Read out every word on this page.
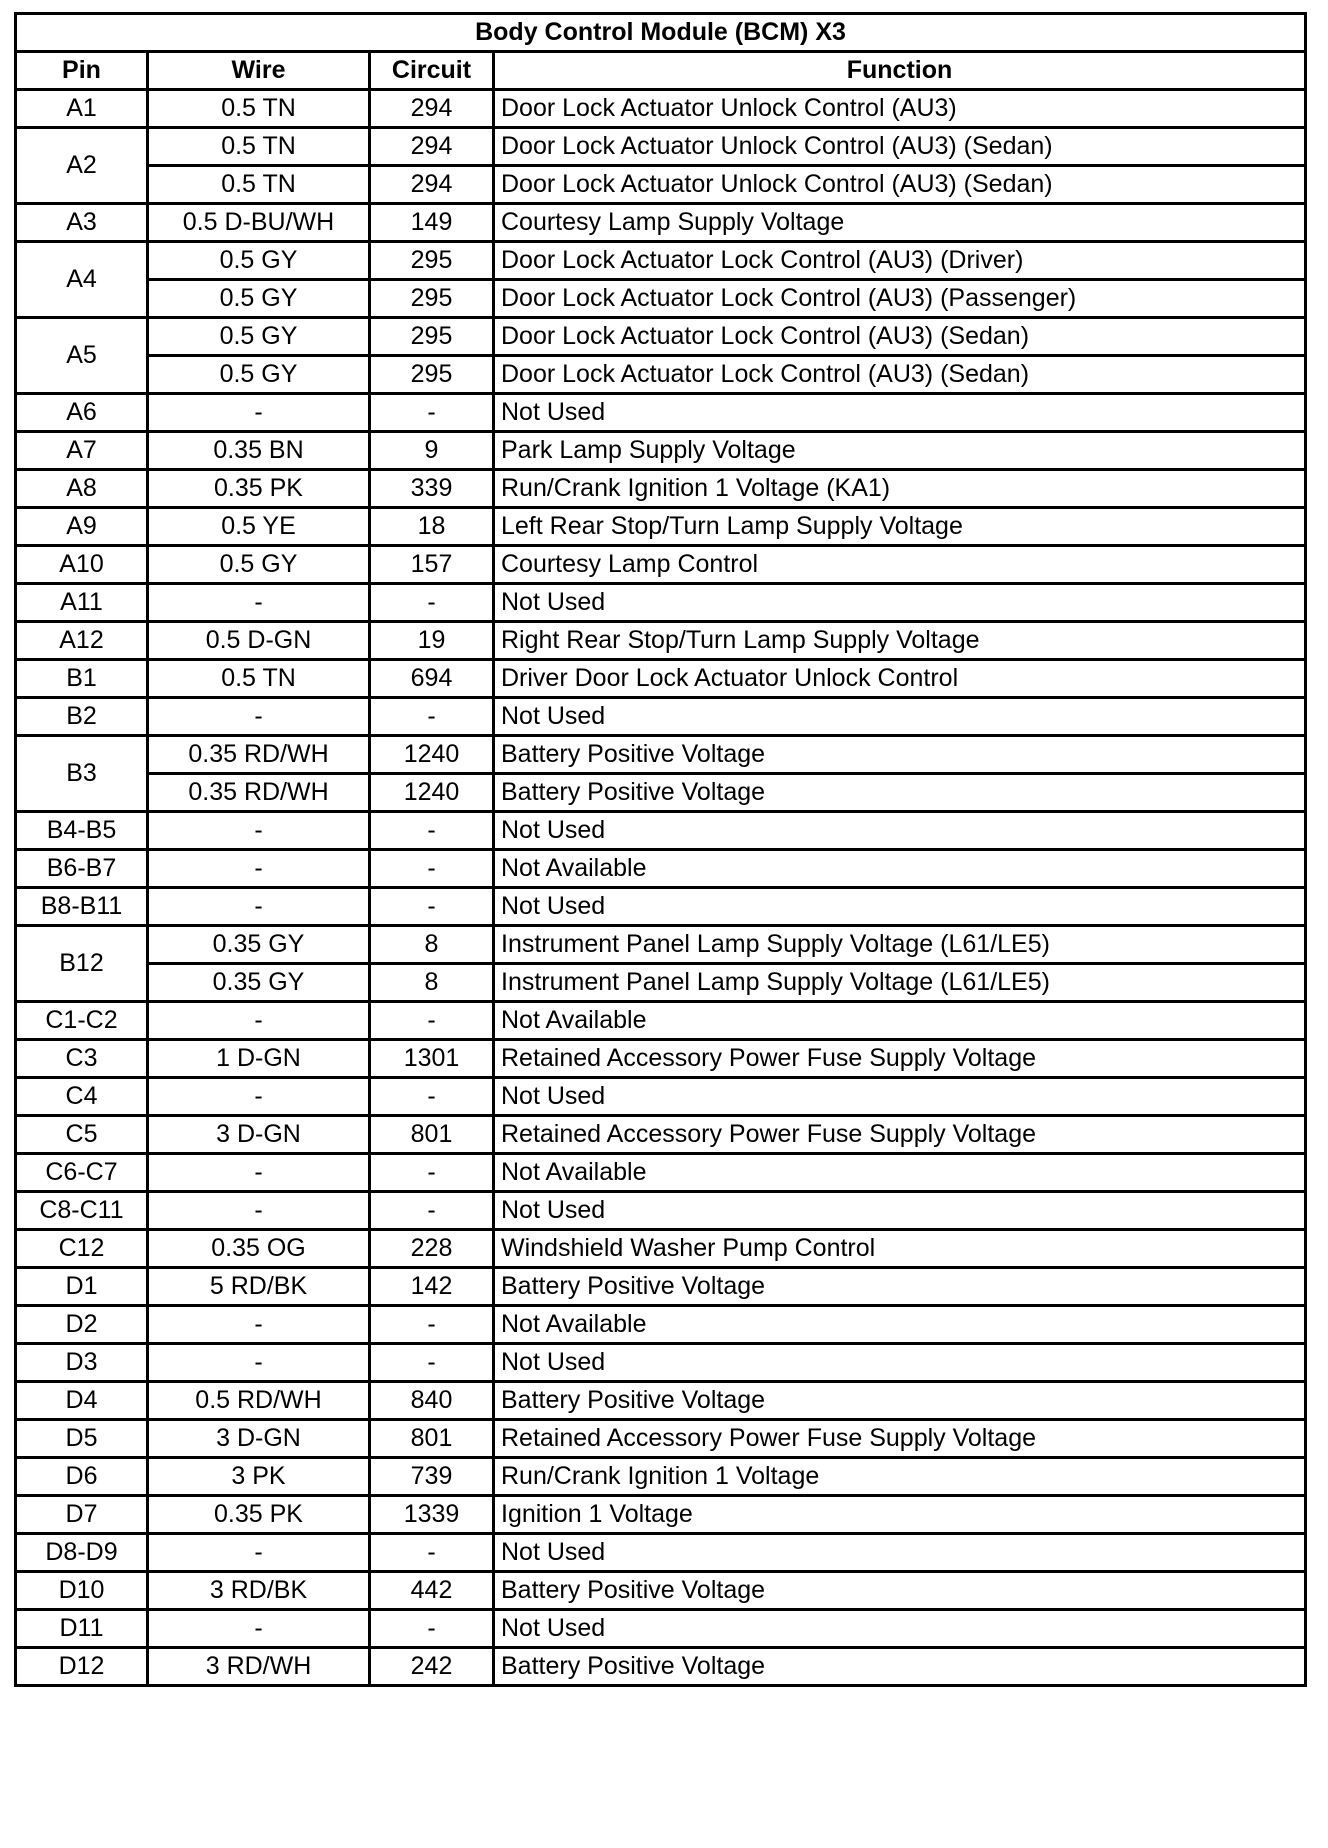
Body Control Module (BCM) X3			
Pin	Wire	Circuit	Function
A1	0.5 TN	294	Door Lock Actuator Unlock Control (AU3)
A2	0.5 TN	294	Door Lock Actuator Unlock Control (AU3) (Sedan)
	0.5 TN	294	Door Lock Actuator Unlock Control (AU3) (Sedan)
A3	0.5 D-BU/WH	149	Courtesy Lamp Supply Voltage
A4	0.5 GY	295	Door Lock Actuator Lock Control (AU3) (Driver)
	0.5 GY	295	Door Lock Actuator Lock Control (AU3) (Passenger)
A5	0.5 GY	295	Door Lock Actuator Lock Control (AU3) (Sedan)
	0.5 GY	295	Door Lock Actuator Lock Control (AU3) (Sedan)
A6	-	-	Not Used
A7	0.35 BN	9	Park Lamp Supply Voltage
A8	0.35 PK	339	Run/Crank Ignition 1 Voltage (KA1)
A9	0.5 YE	18	Left Rear Stop/Turn Lamp Supply Voltage
A10	0.5 GY	157	Courtesy Lamp Control
A11	-	-	Not Used
A12	0.5 D-GN	19	Right Rear Stop/Turn Lamp Supply Voltage
B1	0.5 TN	694	Driver Door Lock Actuator Unlock Control
B2	-	-	Not Used
B3	0.35 RD/WH	1240	Battery Positive Voltage
	0.35 RD/WH	1240	Battery Positive Voltage
B4-B5	-	-	Not Used
B6-B7	-	-	Not Available
B8-B11	-	-	Not Used
B12	0.35 GY	8	Instrument Panel Lamp Supply Voltage (L61/LE5)
	0.35 GY	8	Instrument Panel Lamp Supply Voltage (L61/LE5)
C1-C2	-	-	Not Available
C3	1 D-GN	1301	Retained Accessory Power Fuse Supply Voltage
C4	-	-	Not Used
C5	3 D-GN	801	Retained Accessory Power Fuse Supply Voltage
C6-C7	-	-	Not Available
C8-C11	-	-	Not Used
C12	0.35 OG	228	Windshield Washer Pump Control
D1	5 RD/BK	142	Battery Positive Voltage
D2	-	-	Not Available
D3	-	-	Not Used
D4	0.5 RD/WH	840	Battery Positive Voltage
D5	3 D-GN	801	Retained Accessory Power Fuse Supply Voltage
D6	3 PK	739	Run/Crank Ignition 1 Voltage
D7	0.35 PK	1339	Ignition 1 Voltage
D8-D9	-	-	Not Used
D10	3 RD/BK	442	Battery Positive Voltage
D11	-	-	Not Used
D12	3 RD/WH	242	Battery Positive Voltage
